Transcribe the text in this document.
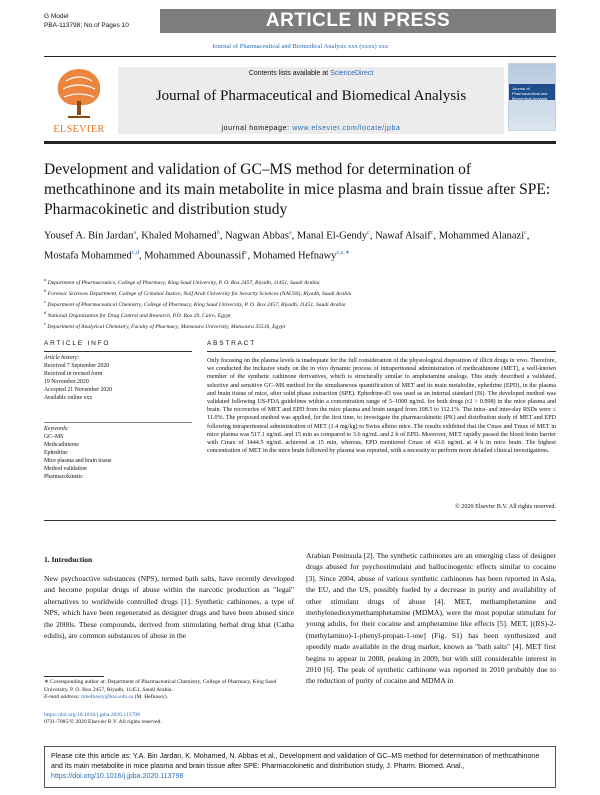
G Model
PBA-113798; No.of Pages 10	ARTICLE IN PRESS
Journal of Pharmaceutical and Biomedical Analysis xxx (xxxx) xxx
ELSEVIER
Contents lists available at ScienceDirect
Journal of Pharmaceutical and Biomedical Analysis
journal homepage: www.elsevier.com/locate/jpba
Journal of Pharmaceutical and Biomedical Analysis
Development and validation of GC–MS method for determination of methcathinone and its main metabolite in mice plasma and brain tissue after SPE: Pharmacokinetic and distribution study
Yousef A. Bin Jardan$^a$, Khaled Mohamed$^b$, Nagwan Abbas$^a$, Manal El-Gendy$^c$, Nawaf Alsaif$^c$, Mohammed Alanazi$^c$, Mostafa Mohammed$^{c,d}$, Mohammed Abounassif$^c$, Mohamed Hefnawy$^{c,e,∗}$
$^a$ Department of Pharmaceutics, College of Pharmacy, King Saud University, P. O. Box 2457, Riyadh, 11451, Saudi Arabia
$^b$ Forensic Sciences Department, College of Criminal Justice, Naif Arab University for Security Sciences (NAUSS), Riyadh, Saudi Arabia
$^c$ Department of Pharmaceutical Chemistry, College of Pharmacy, King Saud University, P. O. Box 2457, Riyadh, 11451, Saudi Arabia
$^d$ National Organization for Drug Control and Research, P.O. Box 29, Cairo, Egypt
$^e$ Department of Analytical Chemistry, Faculty of Pharmacy, Mansoura University, Mansoura 35516, Egypt
ARTICLE INFO	ABSTRACT
Article history:
Received 7 September 2020
Received in revised form
19 November 2020
Accepted 21 November 2020
Available online xxx
Keywords:
GC–MS
Methcathinone
Ephedrine
Mice plasma and brain tissue
Method validation
Pharmacokinetic
Only focusing on the plasma levels is inadequate for the full consideration of the physiological disposition of illicit drugs in vivo. Therefore, we conducted the inclusive study on the in vivo dynamic process of intraperitoneal administration of methcathinone (MET), a well-known member of the synthetic cathinone derivatives, which is structurally similar to amphetamine analogs. This study described a validated, selective and sensitive GC–MS method for the simultaneous quantification of MET and its main metabolite, ephedrine (EPD), in the plasma and brain tissue of mice, after solid phase extraction (SPE). Ephedrine-d3 was used as an internal standard (IS). The developed method was validated following US-FDA guidelines within a concentration range of 5–1000 ng/mL for both drugs (r2 > 0.998) in the mice plasma and brain. The recoveries of MET and EPD from the mice plasma and brain ranged from 108.5 to 112.1%. The intra- and inter-day RSDs were ≤ 11.0%. The proposed method was applied, for the first time, to investigate the pharmacokinetic (PK) and distribution study of MET and EPD following intraperitoneal administration of MET (1.4 mg/kg) to Swiss albino mice. The results exhibited that the Cmax and Tmax of MET in mice plasma was 517.1 ng/mL and 15 min as compared to 3.6 ng/mL and 2 h of EPD. Moreover, MET rapidly passed the blood brain barrier with Cmax of 1444.5 ng/mL achieved at 15 min, whereas, EPD monitored Cmax of 43.6 ng/mL at 4 h in mice brain. The highest concentration of MET in the mice brain followed by plasma was reported, with a necessity to perform more detailed clinical investigations.
© 2020 Elsevier B.V. All rights reserved.
1. Introduction
New psychoactive substances (NPS), termed bath salts, have recently developed and become popular drugs of abuse within the narcotic production as "legal" alternatives to worldwide controlled drugs [1]. Synthetic cathinones, a type of NPS, which have been regenerated as designer drugs and have been abused since the 2000s. These compounds, derived from stimulating herbal drug khat (Catha edulis), are common substances of abuse in the
Arabian Peninsula [2]. The synthetic cathinones are an emerging class of designer drugs abused for psychostimulant and hallucinogenic effects similar to cocaine [3]. Since 2004, abuse of various synthetic cathinones has been reported in Asia, the EU, and the US, possibly fueled by a decrease in purity and availability of other stimulant drugs of abuse [4]. MET, methamphetamine and methylenedioxymethamphetamine (MDMA), were the most popular stimulant for young adults, for their cocaine and amphetamine like effects [5]. MET, [(RS)-2-(methylamino)-1-phenyl-propan-1-one] (Fig. S1) has been synthesized and speedily made available in the drug market, known as "bath salts" [4]. MET first begins to appear in 2008, peaking in 2009, but with still considerable interest in 2010 [6]. The peak of synthetic cathinone was reported in 2010 probably due to the reduction of purity of cocaine and MDMA in
∗ Corresponding author at: Department of Pharmaceutical Chemistry, College of Pharmacy, King Saud University, P. O. Box 2457, Riyadh, 11451, Saudi Arabia.
E-mail address: mhefnawy@ksu.edu.sa (M. Hefnawy).
https://doi.org/10.1016/j.jpba.2020.113798
0731-7085/© 2020 Elsevier B.V. All rights reserved.
Please cite this article as: Y.A. Bin Jardan, K. Mohamed, N. Abbas et al., Development and validation of GC–MS method for determination of methcathinone and its main metabolite in mice plasma and brain tissue after SPE: Pharmacokinetic and distribution study, J. Pharm. Biomed. Anal., https://doi.org/10.1016/j.jpba.2020.113798
